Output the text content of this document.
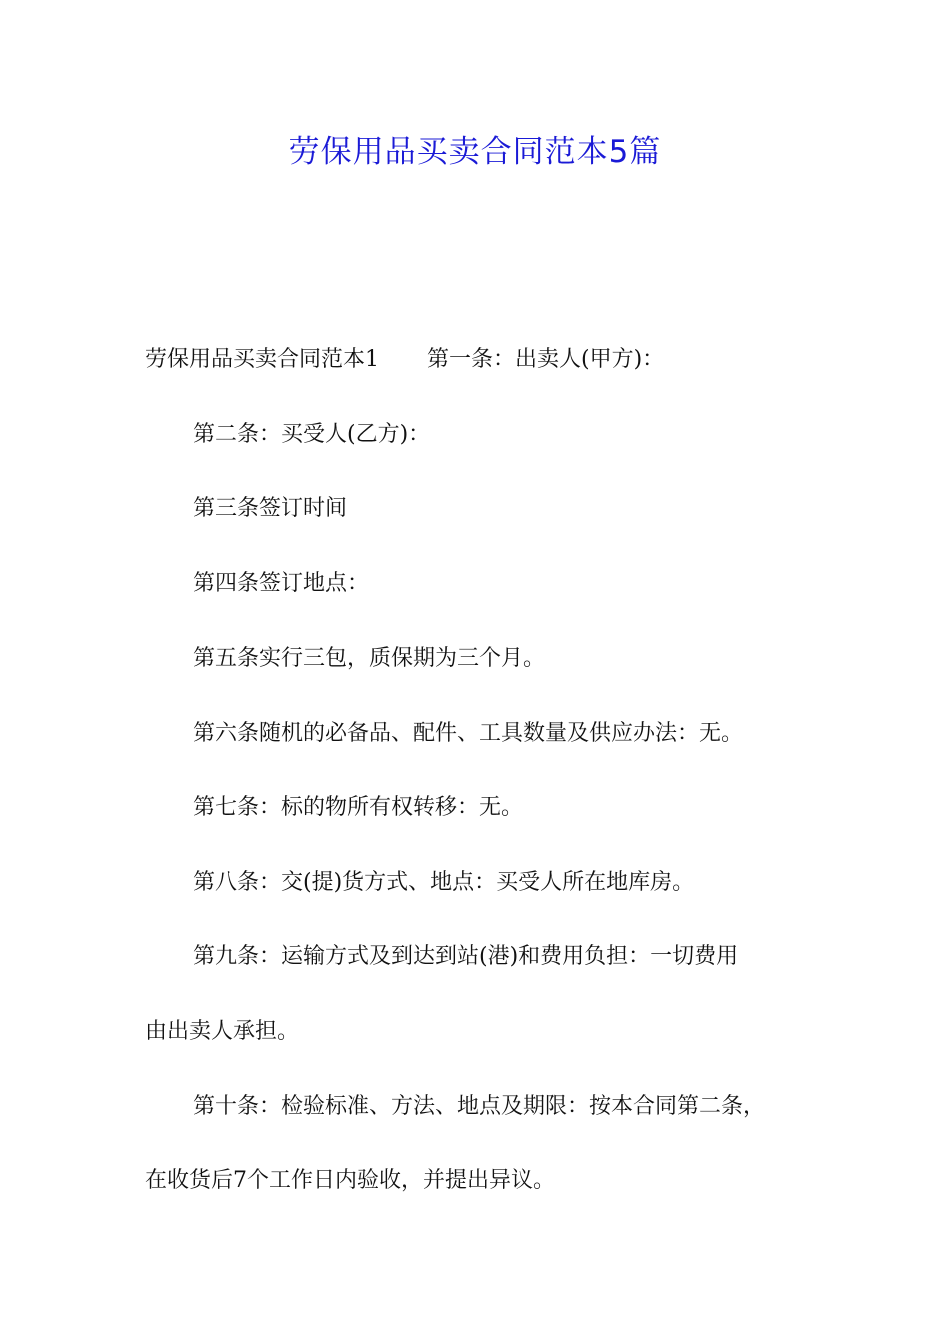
劳保用品买卖合同范本5篇
劳保用品买卖合同范本1 第一条：出卖人(甲方)：
第二条：买受人(乙方)：
第三条签订时间
第四条签订地点：
第五条实行三包，质保期为三个月。
第六条随机的必备品、配件、工具数量及供应办法：无。
第七条：标的物所有权转移：无。
第八条：交(提)货方式、地点：买受人所在地库房。
第九条：运输方式及到达到站(港)和费用负担：一切费用
由出卖人承担。
第十条：检验标准、方法、地点及期限：按本合同第二条，
在收货后7个工作日内验收，并提出异议。
